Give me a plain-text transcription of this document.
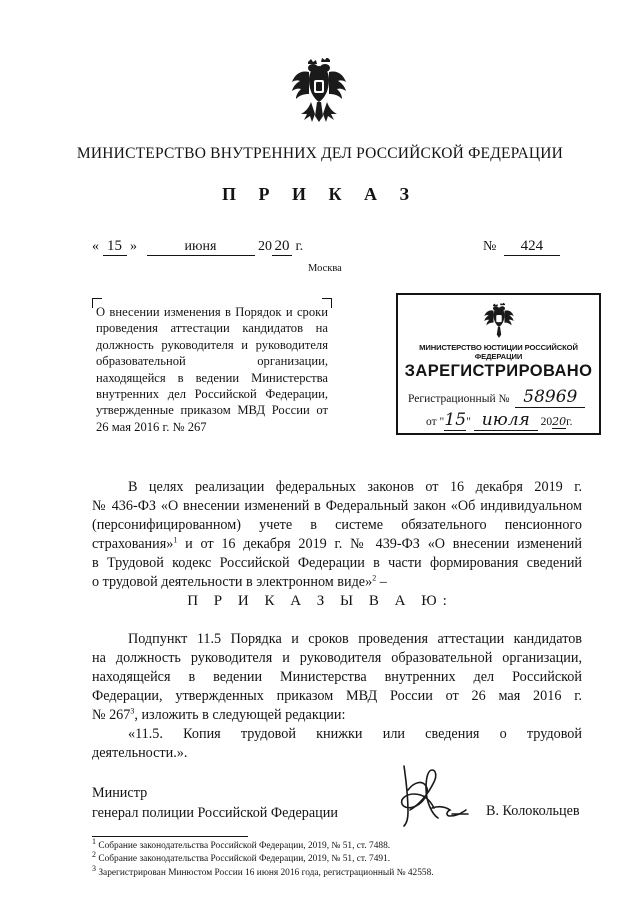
МИНИСТЕРСТВО ВНУТРЕННИХ ДЕЛ РОССИЙСКОЙ ФЕДЕРАЦИИ
П Р И К А З
« 15 »	июня	20 20 г.	№ 424
Москва
О внесении изменения в Порядок и сроки проведения аттестации кандидатов на должность руководителя и руководителя образовательной организации, находящейся в ведении Министерства внутренних дел Российской Федерации, утвержденные приказом МВД России от 26 мая 2016 г. № 267
МИНИСТЕРСТВО ЮСТИЦИИ РОССИЙСКОЙ ФЕДЕРАЦИИ
ЗАРЕГИСТРИРОВАНО
Регистрационный № 58969
от "15" июля 2020г.
В целях реализации федеральных законов от 16 декабря 2019 г.
№ 436-ФЗ «О внесении изменений в Федеральный закон «Об индивидуальном
(персонифицированном) учете в системе обязательного пенсионного
страхования»$^1$ и от 16 декабря 2019 г. № 439-ФЗ «О внесении изменений
в Трудовой кодекс Российской Федерации в части формирования сведений
о трудовой деятельности в электронном виде»$^2$ –
П Р И К А З Ы В А Ю:
Подпункт 11.5 Порядка и сроков проведения аттестации кандидатов
на должность руководителя и руководителя образовательной организации,
находящейся в ведении Министерства внутренних дел Российской
Федерации, утвержденных приказом МВД России от 26 мая 2016 г.
№ $267^3$, изложить в следующей редакции:
«11.5. Копия трудовой книжки или сведения о трудовой
деятельности.».
Министр
генерал полиции Российской Федерации	В. Колокольцев
$^1$ Собрание законодательства Российской Федерации, 2019, № 51, ст. 7488.
$^2$ Собрание законодательства Российской Федерации, 2019, № 51, ст. 7491.
$^3$ Зарегистрирован Минюстом России 16 июня 2016 года, регистрационный № 42558.
